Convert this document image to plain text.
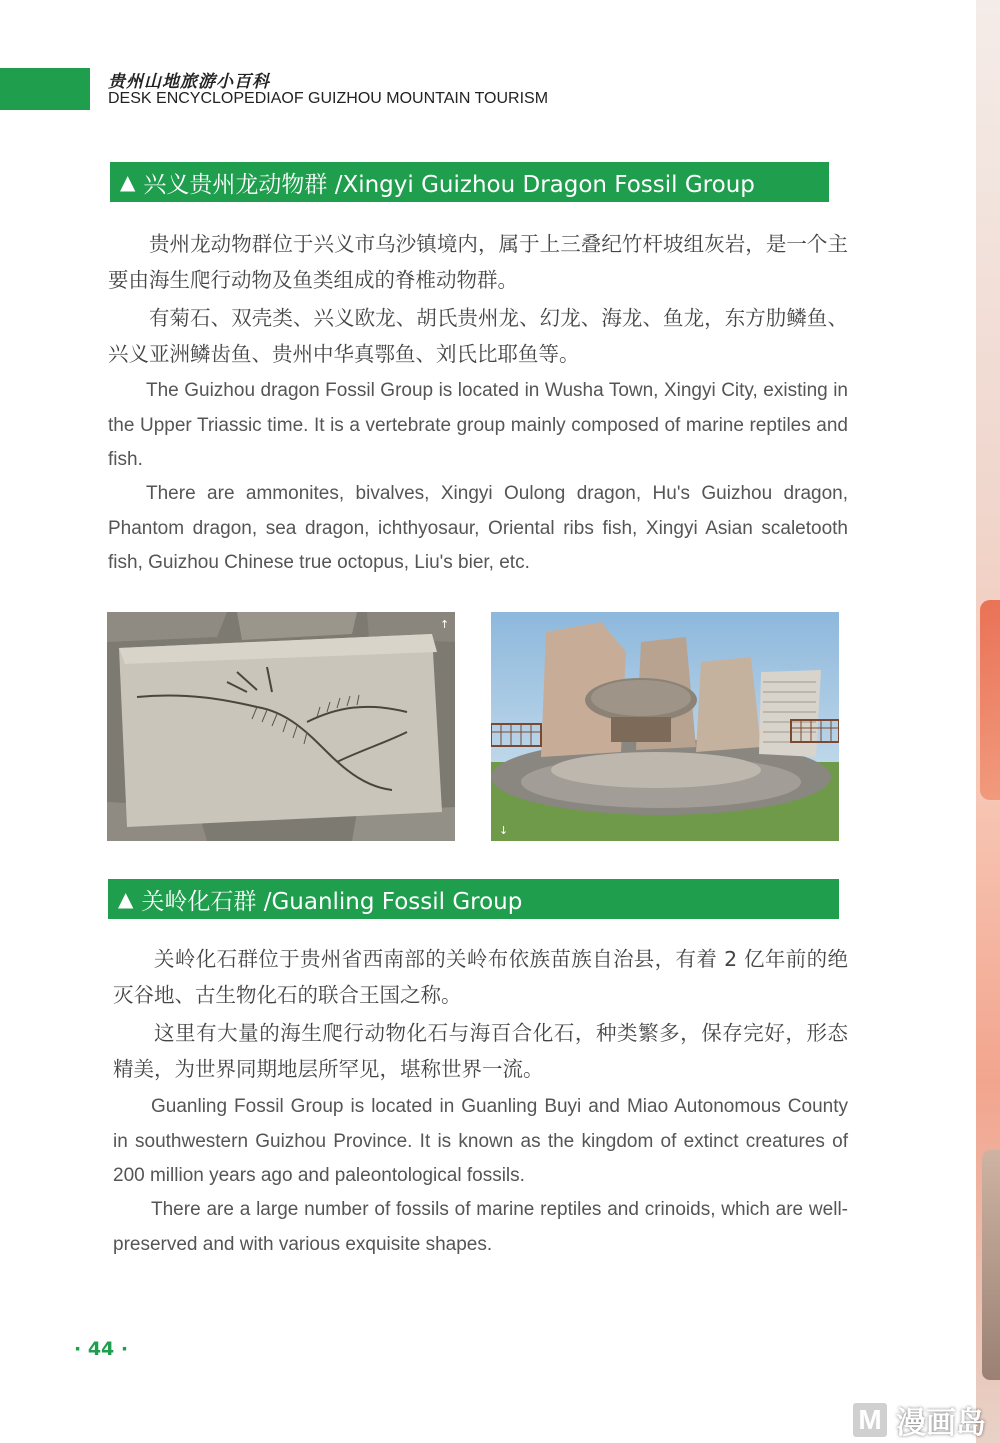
贵州山地旅游小百科
DESK ENCYCLOPEDIAOF GUIZHOU MOUNTAIN TOURISM
▲ 兴义贵州龙动物群 /Xingyi Guizhou Dragon Fossil Group

贵州龙动物群位于兴义市乌沙镇境内，属于上三叠纪竹杆坡组灰岩，是一个主要由海生爬行动物及鱼类组成的脊椎动物群。

有菊石、双壳类、兴义欧龙、胡氏贵州龙、幻龙、海龙、鱼龙，东方肋鳞鱼、兴义亚洲鳞齿鱼、贵州中华真鄂鱼、刘氏比耶鱼等。

The Guizhou dragon Fossil Group is located in Wusha Town, Xingyi City, existing in the Upper Triassic time. It is a vertebrate group mainly composed of marine reptiles and fish.

There are ammonites, bivalves, Xingyi Oulong dragon, Hu's Guizhou dragon, Phantom dragon, sea dragon, ichthyosaur, Oriental ribs fish, Xingyi Asian scaletooth fish, Guizhou Chinese true octopus, Liu's bier, etc.

↑
↓
▲ 关岭化石群 /Guanling Fossil Group

关岭化石群位于贵州省西南部的关岭布依族苗族自治县，有着 2 亿年前的绝灭谷地、古生物化石的联合王国之称。

这里有大量的海生爬行动物化石与海百合化石，种类繁多，保存完好，形态精美，为世界同期地层所罕见，堪称世界一流。

Guanling Fossil Group is located in Guanling Buyi and Miao Autonomous County in southwestern Guizhou Province. It is known as the kingdom of extinct creatures of 200 million years ago and paleontological fossils.

There are a large number of fossils of marine reptiles and crinoids, which are well-preserved and with various exquisite shapes.

· 44 ·
M 漫画岛
